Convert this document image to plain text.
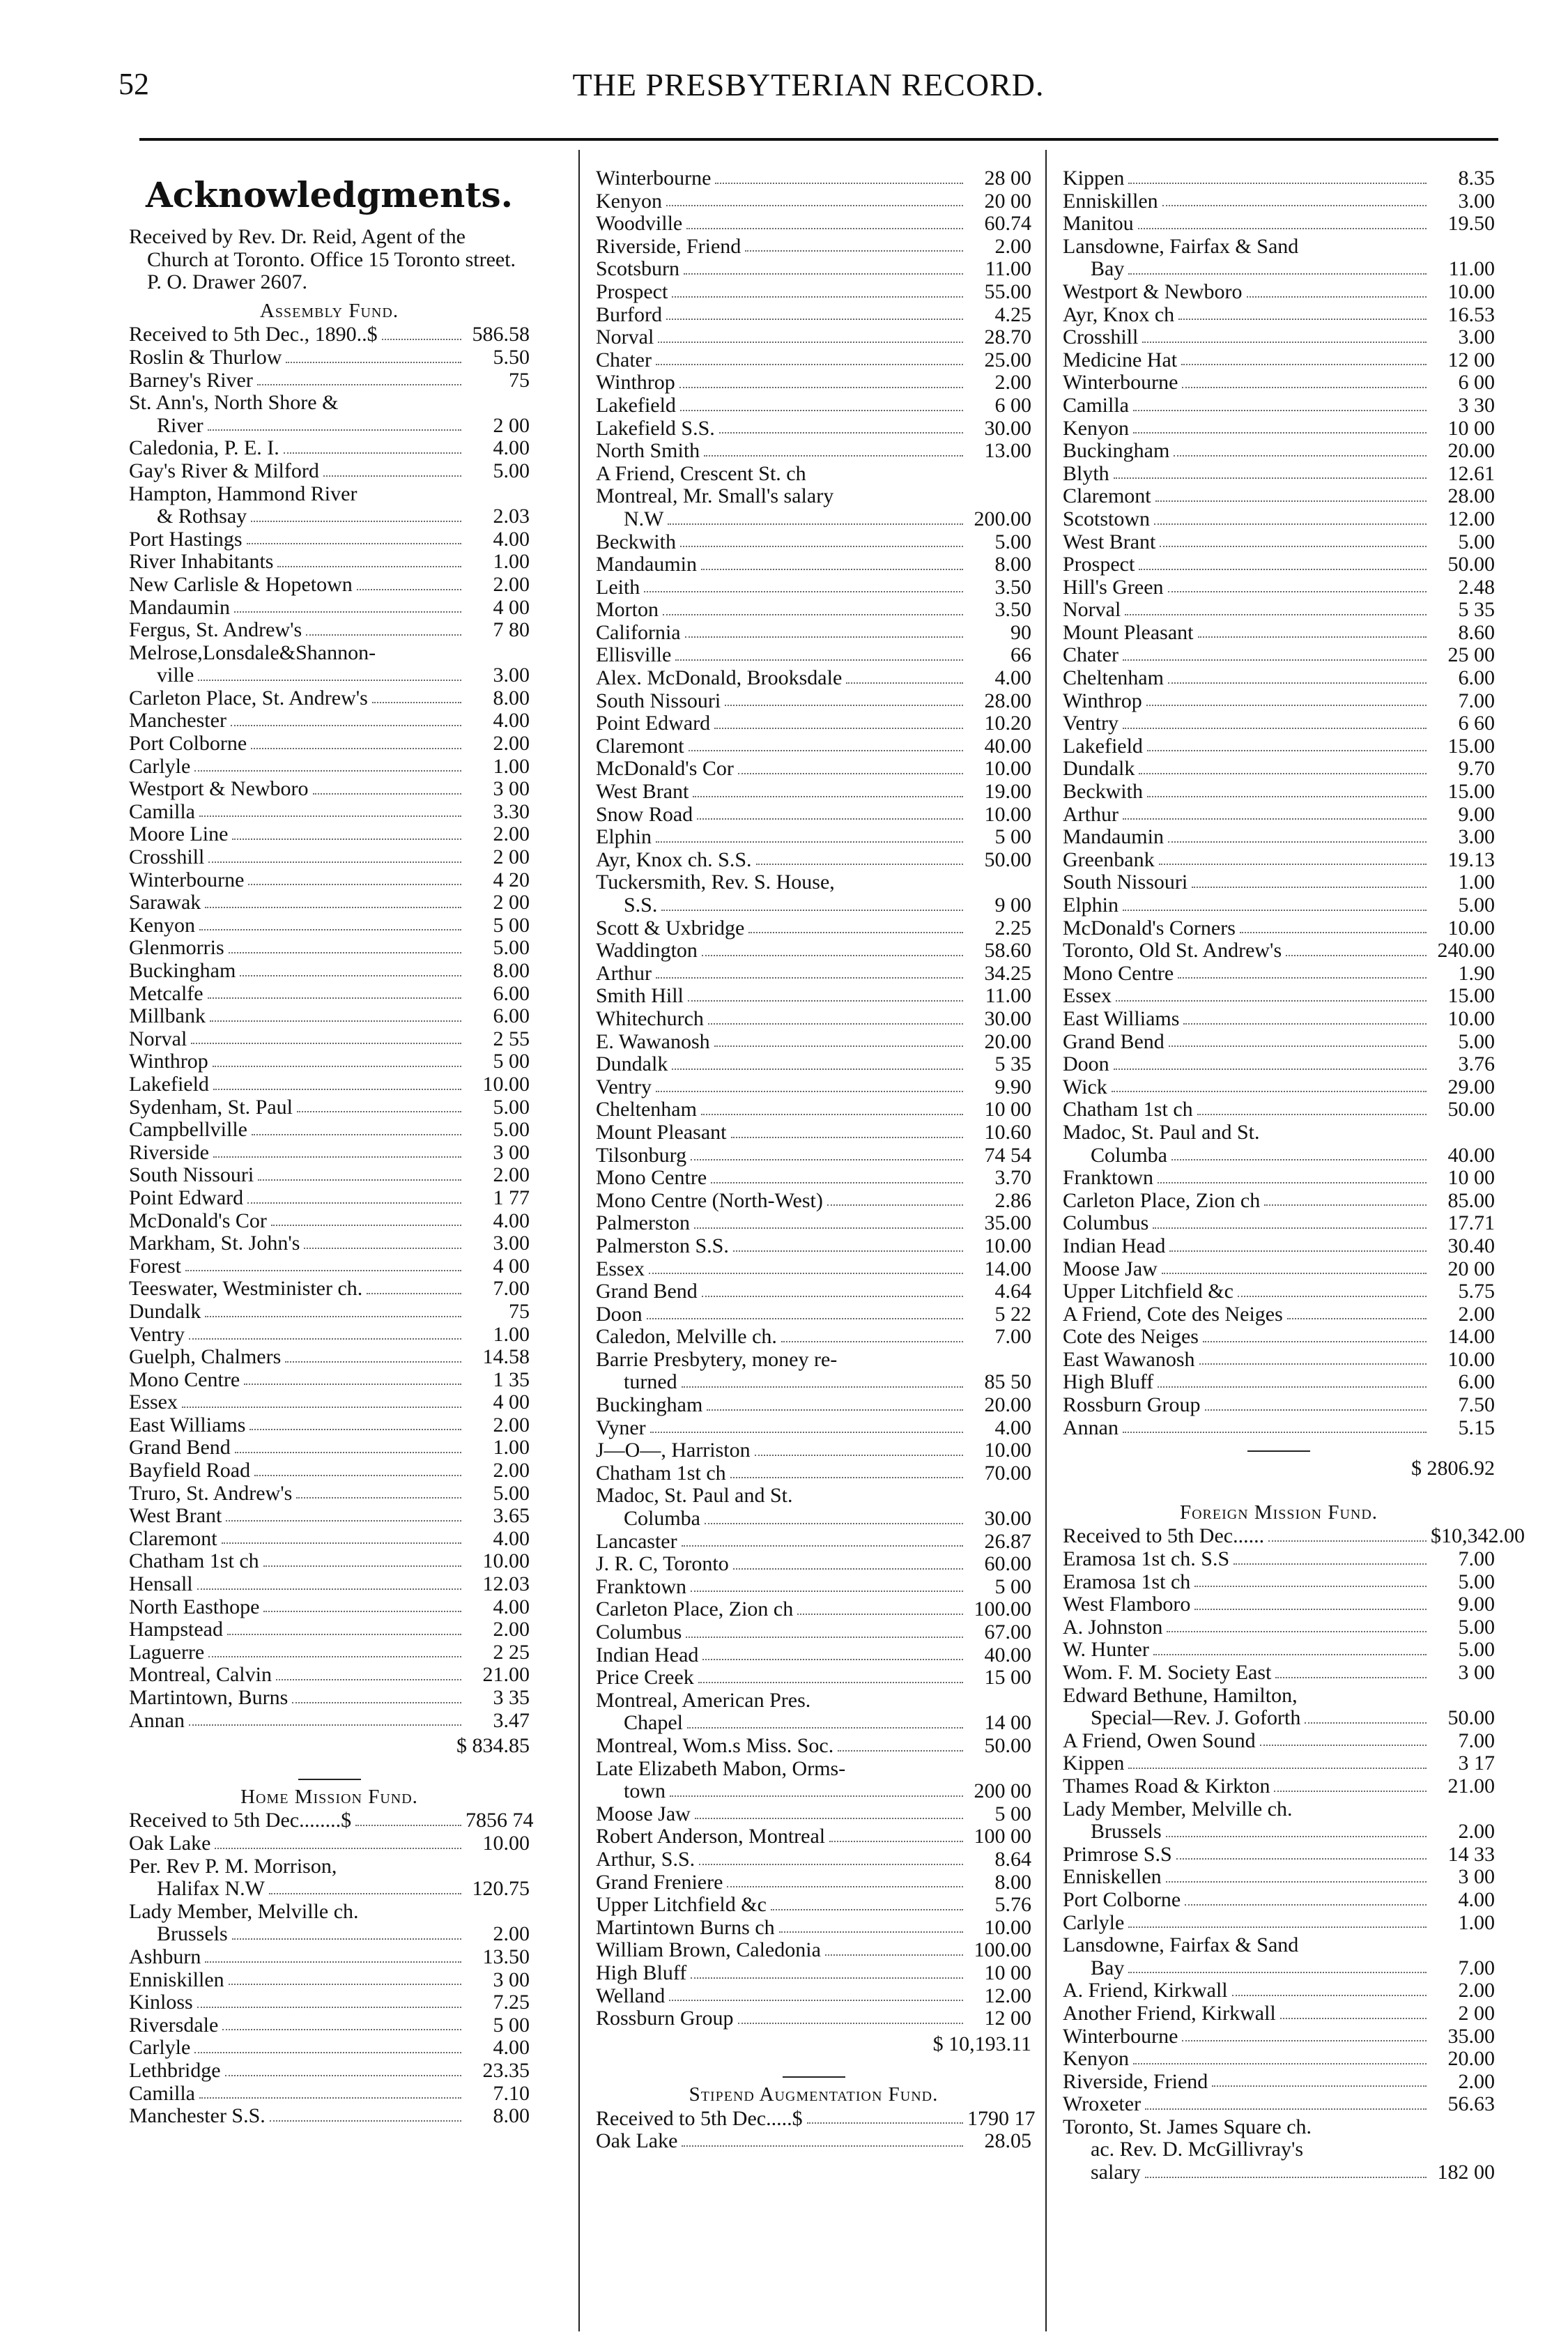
52	THE PRESBYTERIAN RECORD.
Acknowledgments.
Received by Rev. Dr. Reid, Agent of the Church at Toronto. Office 15 Toronto street. P. O. Drawer 2607.
Assembly Fund.
Received to 5th Dec., 1890..$	586.58
Roslin & Thurlow	5.50
Barney's River	75
St. Ann's, North Shore &
River	2 00
Caledonia, P. E. I.	4.00
Gay's River & Milford	5.00
Hampton, Hammond River
& Rothsay	2.03
Port Hastings	4.00
River Inhabitants	1.00
New Carlisle & Hopetown	2.00
Mandaumin	4 00
Fergus, St. Andrew's	7 80
Melrose,Lonsdale&Shannon-
ville	3.00
Carleton Place, St. Andrew's	8.00
Manchester	4.00
Port Colborne	2.00
Carlyle	1.00
Westport & Newboro	3 00
Camilla	3.30
Moore Line	2.00
Crosshill	2 00
Winterbourne	4 20
Sarawak	2 00
Kenyon	5 00
Glenmorris	5.00
Buckingham	8.00
Metcalfe	6.00
Millbank	6.00
Norval	2 55
Winthrop	5 00
Lakefield	10.00
Sydenham, St. Paul	5.00
Campbellville	5.00
Riverside	3 00
South Nissouri	2.00
Point Edward	1 77
McDonald's Cor	4.00
Markham, St. John's	3.00
Forest	4 00
Teeswater, Westminister ch.	7.00
Dundalk	75
Ventry	1.00
Guelph, Chalmers	14.58
Mono Centre	1 35
Essex	4 00
East Williams	2.00
Grand Bend	1.00
Bayfield Road	2.00
Truro, St. Andrew's	5.00
West Brant	3.65
Claremont	4.00
Chatham 1st ch	10.00
Hensall	12.03
North Easthope	4.00
Hampstead	2.00
Laguerre	2 25
Montreal, Calvin	21.00
Martintown, Burns	3 35
Annan	3.47
$ 834.85
Home Mission Fund.
Received to 5th Dec........$	7856 74
Oak Lake	10.00
Per. Rev P. M. Morrison,
Halifax N.W	120.75
Lady Member, Melville ch.
Brussels	2.00
Ashburn	13.50
Enniskillen	3 00
Kinloss	7.25
Riversdale	5 00
Carlyle	4.00
Lethbridge	23.35
Camilla	7.10
Manchester S.S.	8.00
Winterbourne	28 00
Kenyon	20 00
Woodville	60.74
Riverside, Friend	2.00
Scotsburn	11.00
Prospect	55.00
Burford	4.25
Norval	28.70
Chater	25.00
Winthrop	2.00
Lakefield	6 00
Lakefield S.S.	30.00
North Smith	13.00
A Friend, Crescent St. ch
Montreal, Mr. Small's salary
N.W	200.00
Beckwith	5.00
Mandaumin	8.00
Leith	3.50
Morton	3.50
California	90
Ellisville	66
Alex. McDonald, Brooksdale	4.00
South Nissouri	28.00
Point Edward	10.20
Claremont	40.00
McDonald's Cor	10.00
West Brant	19.00
Snow Road	10.00
Elphin	5 00
Ayr, Knox ch. S.S.	50.00
Tuckersmith, Rev. S. House,
S.S.	9 00
Scott & Uxbridge	2.25
Waddington	58.60
Arthur	34.25
Smith Hill	11.00
Whitechurch	30.00
E. Wawanosh	20.00
Dundalk	5 35
Ventry	9.90
Cheltenham	10 00
Mount Pleasant	10.60
Tilsonburg	74 54
Mono Centre	3.70
Mono Centre (North-West)	2.86
Palmerston	35.00
Palmerston S.S.	10.00
Essex	14.00
Grand Bend	4.64
Doon	5 22
Caledon, Melville ch.	7.00
Barrie Presbytery, money re-
turned	85 50
Buckingham	20.00
Vyner	4.00
J—O—, Harriston	10.00
Chatham 1st ch	70.00
Madoc, St. Paul and St.
Columba	30.00
Lancaster	26.87
J. R. C, Toronto	60.00
Franktown	5 00
Carleton Place, Zion ch	100.00
Columbus	67.00
Indian Head	40.00
Price Creek	15 00
Montreal, American Pres.
Chapel	14 00
Montreal, Wom.s Miss. Soc.	50.00
Late Elizabeth Mabon, Orms-
town	200 00
Moose Jaw	5 00
Robert Anderson, Montreal	100 00
Arthur, S.S.	8.64
Grand Freniere	8.00
Upper Litchfield &c	5.76
Martintown Burns ch	10.00
William Brown, Caledonia	100.00
High Bluff	10 00
Welland	12.00
Rossburn Group	12 00
$ 10,193.11
Stipend Augmentation Fund.
Received to 5th Dec.....$	1790 17
Oak Lake	28.05
Kippen	8.35
Enniskillen	3.00
Manitou	19.50
Lansdowne, Fairfax & Sand
Bay	11.00
Westport & Newboro	10.00
Ayr, Knox ch	16.53
Crosshill	3.00
Medicine Hat	12 00
Winterbourne	6 00
Camilla	3 30
Kenyon	10 00
Buckingham	20.00
Blyth	12.61
Claremont	28.00
Scotstown	12.00
West Brant	5.00
Prospect	50.00
Hill's Green	2.48
Norval	5 35
Mount Pleasant	8.60
Chater	25 00
Cheltenham	6.00
Winthrop	7.00
Ventry	6 60
Lakefield	15.00
Dundalk	9.70
Beckwith	15.00
Arthur	9.00
Mandaumin	3.00
Greenbank	19.13
South Nissouri	1.00
Elphin	5.00
McDonald's Corners	10.00
Toronto, Old St. Andrew's	240.00
Mono Centre	1.90
Essex	15.00
East Williams	10.00
Grand Bend	5.00
Doon	3.76
Wick	29.00
Chatham 1st ch	50.00
Madoc, St. Paul and St.
Columba	40.00
Franktown	10 00
Carleton Place, Zion ch	85.00
Columbus	17.71
Indian Head	30.40
Moose Jaw	20 00
Upper Litchfield &c	5.75
A Friend, Cote des Neiges	2.00
Cote des Neiges	14.00
East Wawanosh	10.00
High Bluff	6.00
Rossburn Group	7.50
Annan	5.15
$ 2806.92
Foreign Mission Fund.
Received to 5th Dec......	$10,342.00
Eramosa 1st ch. S.S	7.00
Eramosa 1st ch	5.00
West Flamboro	9.00
A. Johnston	5.00
W. Hunter	5.00
Wom. F. M. Society East	3 00
Edward Bethune, Hamilton,
Special—Rev. J. Goforth	50.00
A Friend, Owen Sound	7.00
Kippen	3 17
Thames Road & Kirkton	21.00
Lady Member, Melville ch.
Brussels	2.00
Primrose S.S	14 33
Enniskellen	3 00
Port Colborne	4.00
Carlyle	1.00
Lansdowne, Fairfax & Sand
Bay	7.00
A. Friend, Kirkwall	2.00
Another Friend, Kirkwall	2 00
Winterbourne	35.00
Kenyon	20.00
Riverside, Friend	2.00
Wroxeter	56.63
Toronto, St. James Square ch.
ac. Rev. D. McGillivray's
salary	182 00
